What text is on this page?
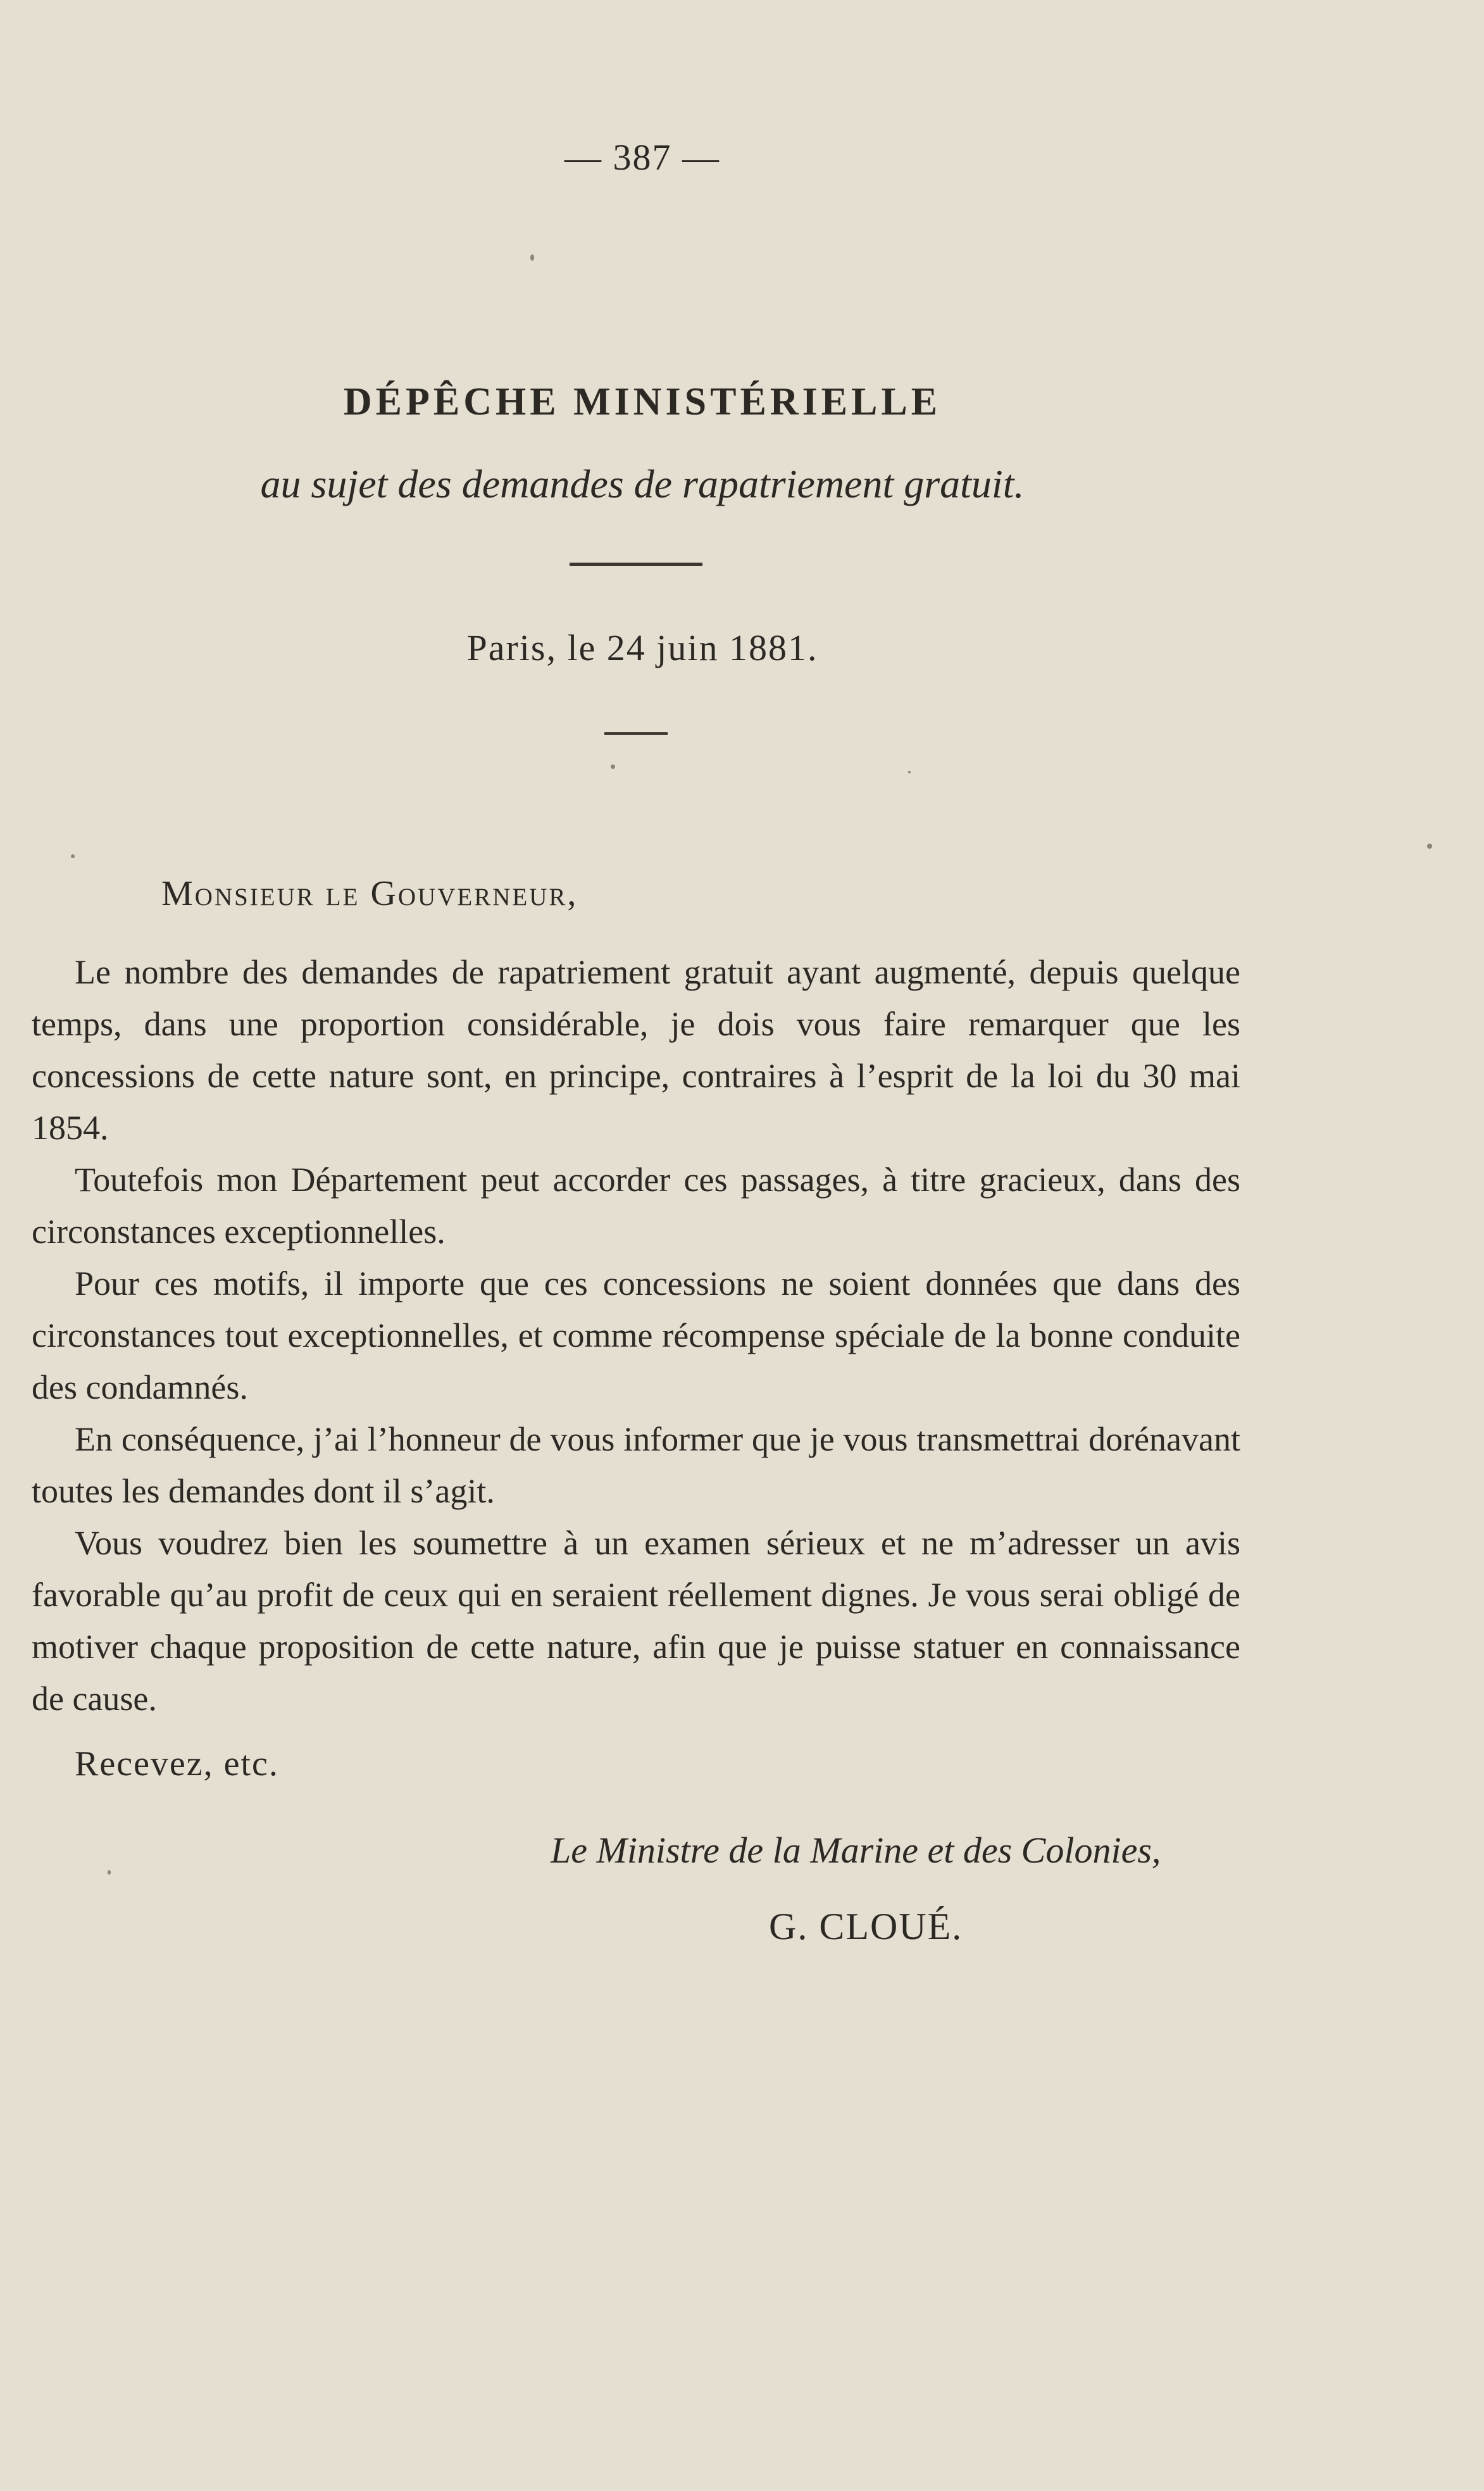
— 387 —
DÉPÊCHE MINISTÉRIELLE
au sujet des demandes de rapatriement gratuit.
Paris, le 24 juin 1881.
Monsieur le Gouverneur,

Le nombre des demandes de rapatriement gratuit ayant augmenté, depuis quelque temps, dans une proportion considérable, je dois vous faire remarquer que les concessions de cette nature sont, en principe, contraires à l’esprit de la loi du 30 mai 1854.

Toutefois mon Département peut accorder ces passages, à titre gracieux, dans des circonstances exceptionnelles.

Pour ces motifs, il importe que ces concessions ne soient données que dans des circonstances tout exceptionnelles, et comme récompense spéciale de la bonne conduite des condamnés.

En conséquence, j’ai l’honneur de vous informer que je vous transmettrai dorénavant toutes les demandes dont il s’agit.

Vous voudrez bien les soumettre à un examen sérieux et ne m’adresser un avis favorable qu’au profit de ceux qui en seraient réellement dignes. Je vous serai obligé de motiver chaque proposition de cette nature, afin que je puisse statuer en connaissance de cause.

Recevez, etc.
Le Ministre de la Marine et des Colonies,
G. CLOUÉ.
